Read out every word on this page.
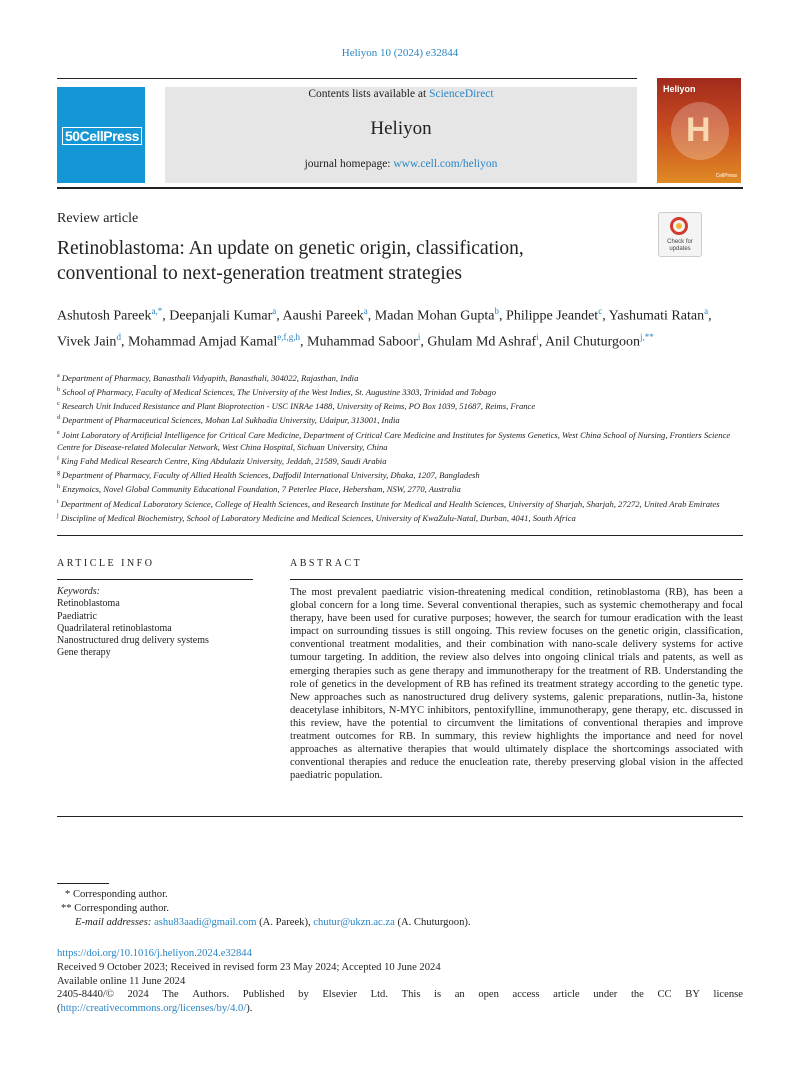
Heliyon 10 (2024) e32844
50CellPress
Contents lists available at ScienceDirect
Heliyon
journal homepage: www.cell.com/heliyon
Heliyon
H
CellPress
Review article
Retinoblastoma: An update on genetic origin, classification, conventional to next-generation treatment strategies
Check for updates
Ashutosh Pareek$^{a,*}$, Deepanjali Kumar$^a$, Aaushi Pareek$^a$, Madan Mohan Gupta$^b$, Philippe Jeandet$^c$, Yashumati Ratan$^a$, Vivek Jain$^d$, Mohammad Amjad Kamal$^{e,f,g,h}$, Muhammad Saboor$^i$, Ghulam Md Ashraf$^i$, Anil Chuturgoon$^{j,**}$
$^a$ Department of Pharmacy, Banasthali Vidyapith, Banasthali, 304022, Rajasthan, India
$^b$ School of Pharmacy, Faculty of Medical Sciences, The University of the West Indies, St. Augustine 3303, Trinidad and Tobago
$^c$ Research Unit Induced Resistance and Plant Bioprotection - USC INRAe 1488, University of Reims, PO Box 1039, 51687, Reims, France
$^d$ Department of Pharmaceutical Sciences, Mohan Lal Sukhadia University, Udaipur, 313001, India
$^e$ Joint Laboratory of Artificial Intelligence for Critical Care Medicine, Department of Critical Care Medicine and Institutes for Systems Genetics, West China School of Nursing, Frontiers Science Centre for Disease-related Molecular Network, West China Hospital, Sichuan University, China
$^f$ King Fahd Medical Research Centre, King Abdulaziz University, Jeddah, 21589, Saudi Arabia
$^g$ Department of Pharmacy, Faculty of Allied Health Sciences, Daffodil International University, Dhaka, 1207, Bangladesh
$^h$ Enzymoics, Novel Global Community Educational Foundation, 7 Peterlee Place, Hebersham, NSW, 2770, Australia
$^i$ Department of Medical Laboratory Science, College of Health Sciences, and Research Institute for Medical and Health Sciences, University of Sharjah, Sharjah, 27272, United Arab Emirates
$^j$ Discipline of Medical Biochemistry, School of Laboratory Medicine and Medical Sciences, University of KwaZulu-Natal, Durban, 4041, South Africa
ARTICLE INFO	ABSTRACT
Keywords:
Retinoblastoma
Paediatric
Quadrilateral retinoblastoma
Nanostructured drug delivery systems
Gene therapy
The most prevalent paediatric vision-threatening medical condition, retinoblastoma (RB), has been a global concern for a long time. Several conventional therapies, such as systemic chemotherapy and focal therapy, have been used for curative purposes; however, the search for tumour eradication with the least impact on surrounding tissues is still ongoing. This review focuses on the genetic origin, classification, conventional treatment modalities, and their combination with nano-scale delivery systems for active tumour targeting. In addition, the review also delves into ongoing clinical trials and patents, as well as emerging therapies such as gene therapy and immunotherapy for the treatment of RB. Understanding the role of genetics in the development of RB has refined its treatment strategy according to the genetic type. New approaches such as nanostructured drug delivery systems, galenic preparations, nutlin-3a, histone deacetylase inhibitors, N-MYC inhibitors, pentoxifylline, immunotherapy, gene therapy, etc. discussed in this review, have the potential to circumvent the limitations of conventional therapies and improve treatment outcomes for RB. In summary, this review highlights the importance and need for novel approaches as alternative therapies that would ultimately displace the shortcomings associated with conventional therapies and reduce the enucleation rate, thereby preserving global vision in the affected paediatric population.
* Corresponding author.
** Corresponding author.
E-mail addresses: ashu83aadi@gmail.com (A. Pareek), chutur@ukzn.ac.za (A. Chuturgoon).
https://doi.org/10.1016/j.heliyon.2024.e32844
Received 9 October 2023; Received in revised form 23 May 2024; Accepted 10 June 2024
Available online 11 June 2024
2405-8440/© 2024 The Authors. Published by Elsevier Ltd. This is an open access article under the CC BY license
(http://creativecommons.org/licenses/by/4.0/).
